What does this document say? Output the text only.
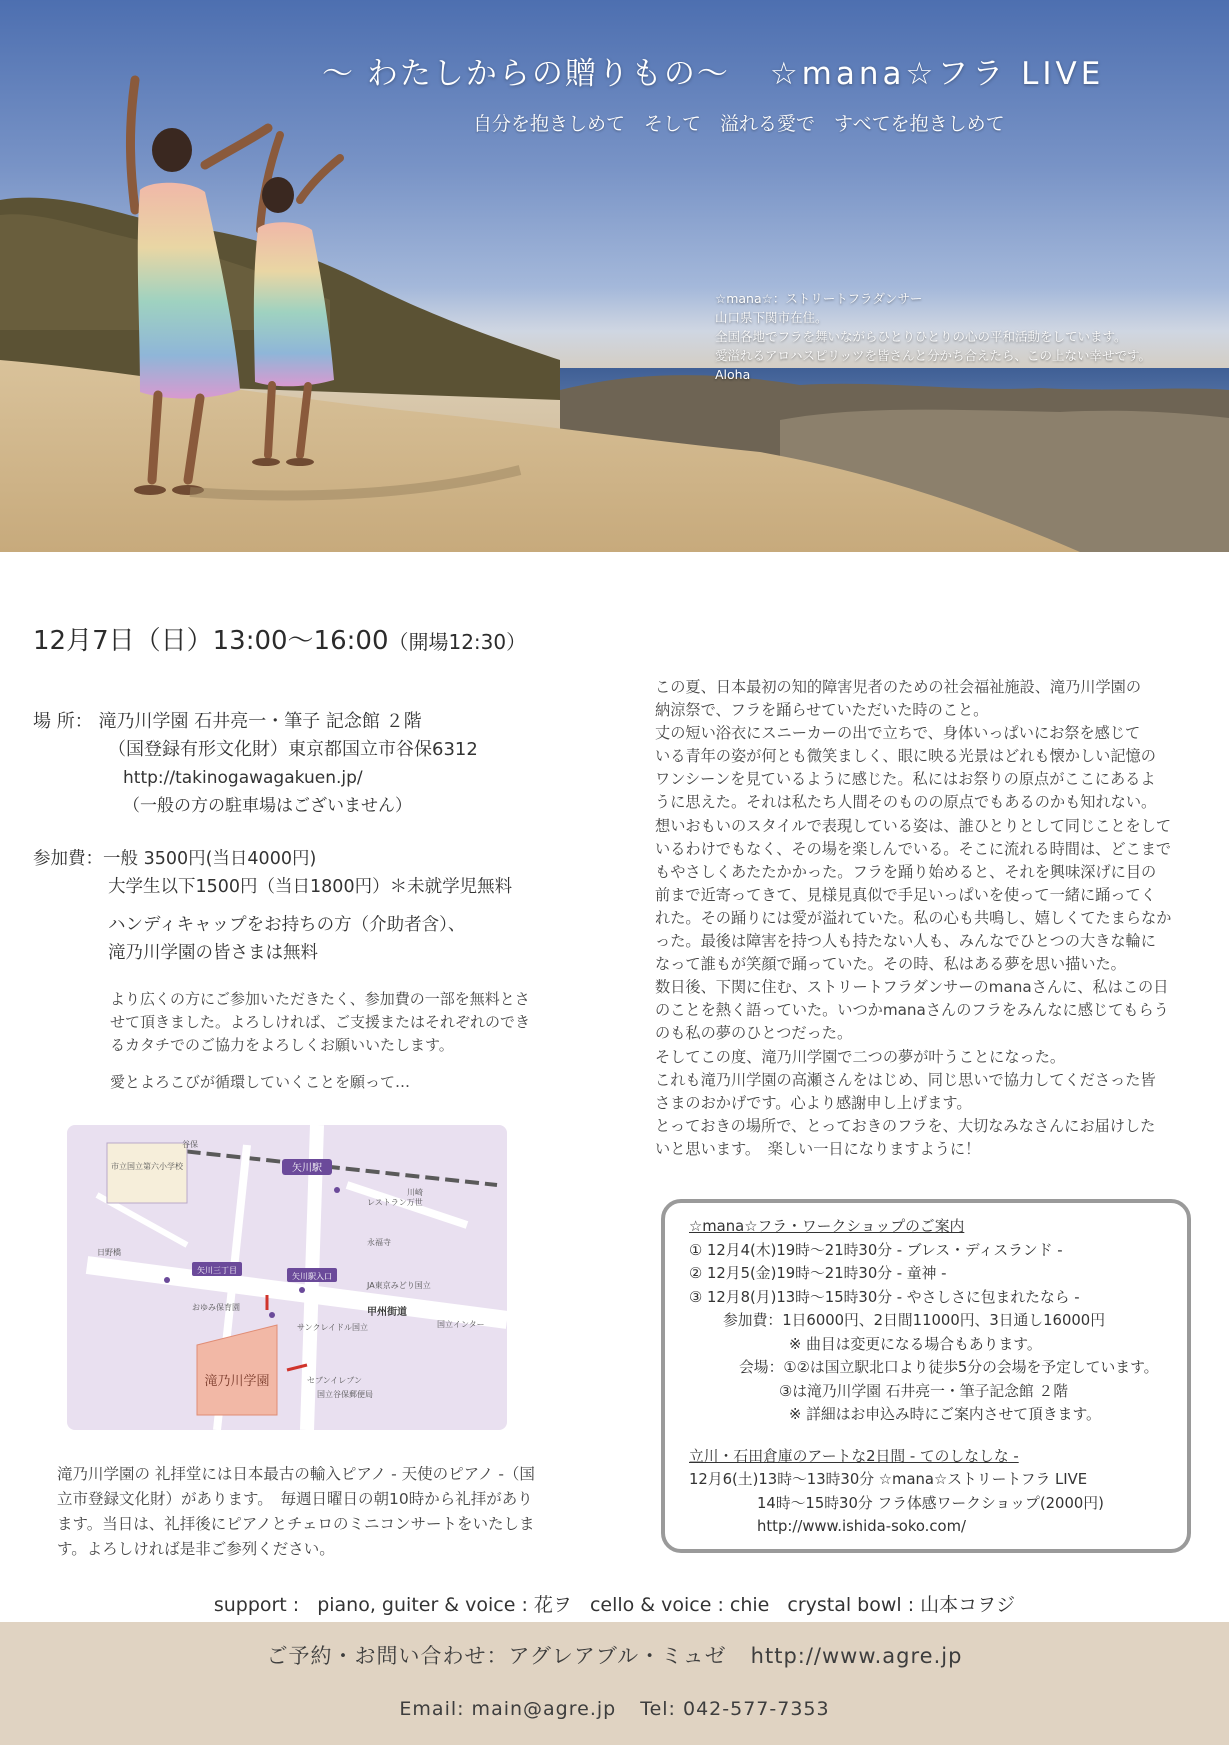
～ わたしからの贈りもの～ ☆mana☆フラ LIVE
自分を抱きしめて　そして　溢れる愛で　すべてを抱きしめて
☆mana☆：ストリートフラダンサー
山口県下関市在住。
全国各地でフラを舞いながらひとりひとりの心の平和活動をしています。
愛溢れるアロハスピリッツを皆さんと分かち合えたら、この上ない幸せです。
Aloha
12月7日（日）13:00〜16:00（開場12:30）
場 所： 滝乃川学園 石井亮一・筆子 記念館 ２階
（国登録有形文化財）東京都国立市谷保6312
http://takinogawagakuen.jp/
（一般の方の駐車場はございません）
参加費：一般 3500円(当日4000円)
大学生以下1500円（当日1800円）＊未就学児無料
ハンディキャップをお持ちの方（介助者含）、
滝乃川学園の皆さまは無料

より広くの方にご参加いただきたく、参加費の一部を無料とさせて頂きました。よろしければ、ご支援またはそれぞれのできるカタチでのご協力をよろしくお願いいたします。

愛とよろこびが循環していくことを願って…

市立国立第六小学校
滝乃川学園
矢川駅
矢川三丁目
矢川駅入口
レストラン万世
甲州街道
国立インター
JA東京みどり国立
サンクレイドル国立
セブンイレブン
国立谷保郵便局
日野橋
おゆみ保育園
永福寺
川崎
谷保
滝乃川学園の 礼拝堂には日本最古の輸入ピアノ - 天使のピアノ -（国立市登録文化財）があります。　毎週日曜日の朝10時から礼拝があります。当日は、礼拝後にピアノとチェロのミニコンサートをいたします。よろしければ是非ご参列ください。
この夏、日本最初の知的障害児者のための社会福祉施設、滝乃川学園の
納涼祭で、フラを踊らせていただいた時のこと。
丈の短い浴衣にスニーカーの出で立ちで、身体いっぱいにお祭を感じて
いる青年の姿が何とも微笑ましく、眼に映る光景はどれも懐かしい記憶の
ワンシーンを見ているように感じた。私にはお祭りの原点がここにあるよ
うに思えた。それは私たち人間そのものの原点でもあるのかも知れない。
想いおもいのスタイルで表現している姿は、誰ひとりとして同じことをして
いるわけでもなく、その場を楽しんでいる。そこに流れる時間は、どこまで
もやさしくあたたかかった。フラを踊り始めると、それを興味深げに目の
前まで近寄ってきて、見様見真似で手足いっぱいを使って一緒に踊ってく
れた。その踊りには愛が溢れていた。私の心も共鳴し、嬉しくてたまらなか
った。最後は障害を持つ人も持たない人も、みんなでひとつの大きな輪に
なって誰もが笑顔で踊っていた。その時、私はある夢を思い描いた。
数日後、下関に住む、ストリートフラダンサーのmanaさんに、私はこの日
のことを熱く語っていた。いつかmanaさんのフラをみんなに感じてもらう
のも私の夢のひとつだった。
そしてこの度、滝乃川学園で二つの夢が叶うことになった。
これも滝乃川学園の高瀬さんをはじめ、同じ思いで協力してくださった皆
さまのおかげです。心より感謝申し上げます。
とっておきの場所で、とっておきのフラを、大切なみなさんにお届けした
いと思います。　楽しい一日になりますように！
☆mana☆フラ・ワークショップのご案内
① 12月4(木)19時〜21時30分 - ブレス・ディスランド -
② 12月5(金)19時〜21時30分 - 童神 -
③ 12月8(月)13時〜15時30分 - やさしさに包まれたなら -
参加費：1日6000円、2日間11000円、3日通し16000円
※ 曲目は変更になる場合もあります。
会場：①②は国立駅北口より徒歩5分の会場を予定しています。
③は滝乃川学園 石井亮一・筆子記念館 ２階
※ 詳細はお申込み時にご案内させて頂きます。
立川・石田倉庫のアートな2日間 - てのしなしな -
12月6(土)13時〜13時30分 ☆mana☆ストリートフラ LIVE
14時〜15時30分 フラ体感ワークショップ(2000円)
http://www.ishida-soko.com/
support : piano, guiter & voice : 花ヲ cello & voice : chie crystal bowl : 山本コヲジ
ご予約・お問い合わせ：アグレアブル・ミュゼ http://www.agre.jp
Email: main@agre.jp Tel: 042-577-7353
